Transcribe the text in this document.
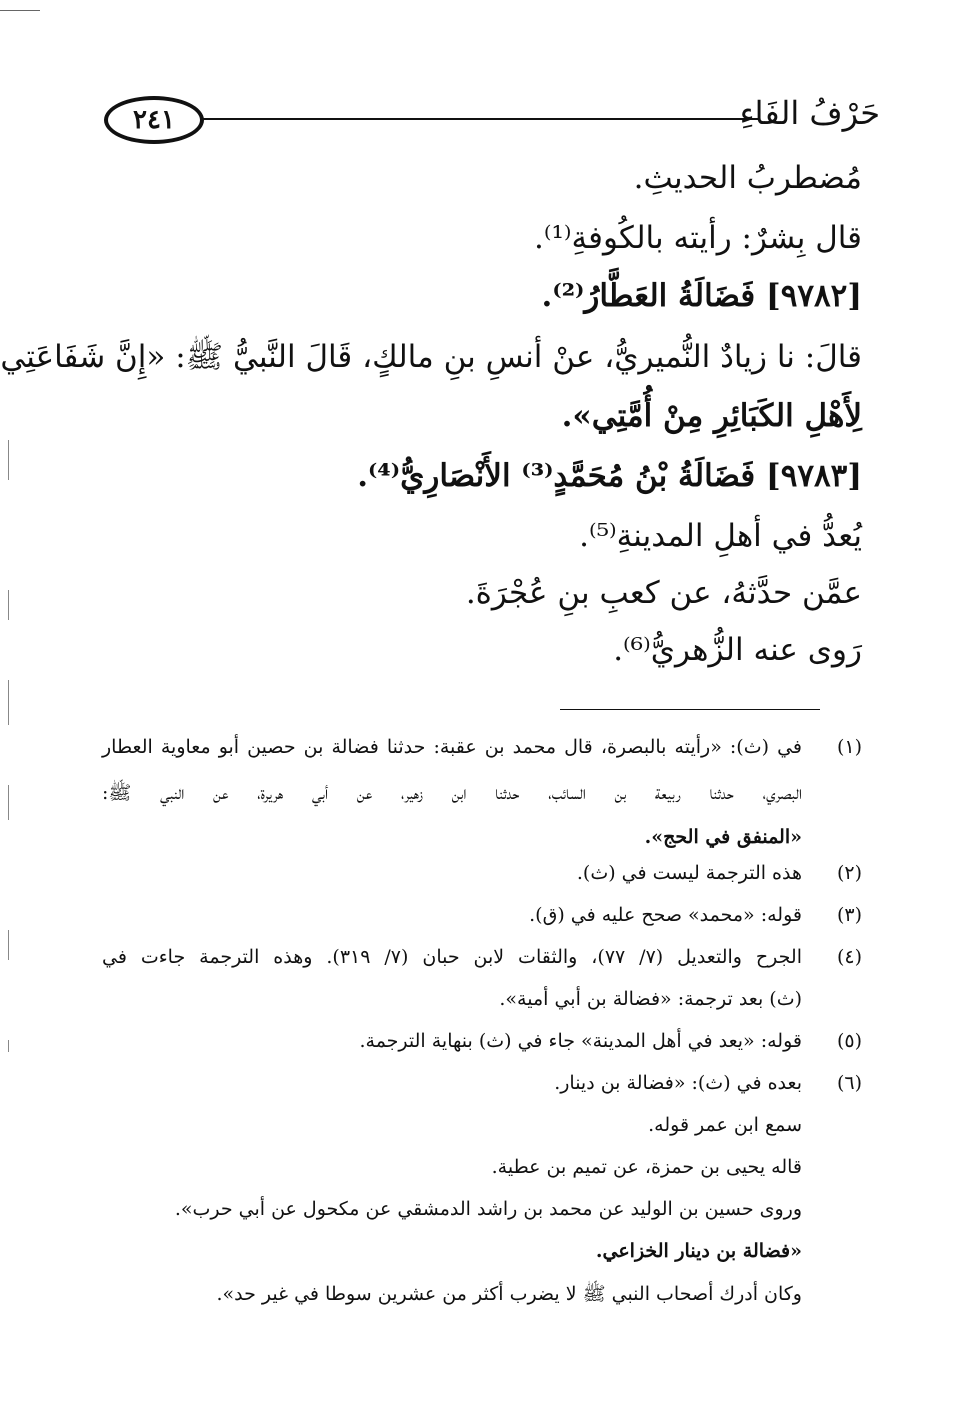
٢٤١	حَرْفُ الفَاءِ
مُضطربُ الحديثِ.
قال بِشرٌ: رأيته بالكُوفةِ⁽¹⁾.
[٩٧٨٢] فَضَالَةُ العَطَّارُ⁽²⁾.
قالَ: نا زيادٌ النُّميريُّ، عنْ أنسِ بنِ مالكٍ، قَالَ النَّبيُّ ﷺ: «إِنَّ شَفَاعَتِي
لِأَهْلِ الكَبَائِرِ مِنْ أُمَّتِي».
[٩٧٨٣] فَضَالَةُ بْنُ مُحَمَّدٍ⁽³⁾ الأَنْصَارِيُّ⁽⁴⁾.
يُعدُّ في أهلِ المدينةِ⁽⁵⁾.
عمَّن حدَّثهُ، عن كعبِ بنِ عُجْرَةَ.
رَوى عنه الزُّهريُّ⁽⁶⁾.
(١)
في (ث): «رأيته بالبصرة، قال محمد بن عقبة: حدثنا فضالة بن حصين أبو معاوية العطار
البصري، حدثنا ربيعة بن السائب، حدثنا ابن زهير، عن أبي هريرة، عن النبي ﷺ:
«المنفق في الحج».
(٢)
هذه الترجمة ليست في (ث).
(٣)
قوله: «محمد» صحح عليه في (ق).
(٤)
الجرح والتعديل (٧/ ٧٧)، والثقات لابن حبان (٧/ ٣١٩). وهذه الترجمة جاءت في
(ث) بعد ترجمة: «فضالة بن أبي أمية».
(٥)
قوله: «يعد في أهل المدينة» جاء في (ث) بنهاية الترجمة.
(٦)
بعده في (ث): «فضالة بن دينار.
سمع ابن عمر قوله.
قاله يحيى بن حمزة، عن تميم بن عطية.
وروى حسين بن الوليد عن محمد بن راشد الدمشقي عن مكحول عن أبي حرب».
«فضالة بن دينار الخزاعي.
وكان أدرك أصحاب النبي ﷺ لا يضرب أكثر من عشرين سوطا في غير حد».
